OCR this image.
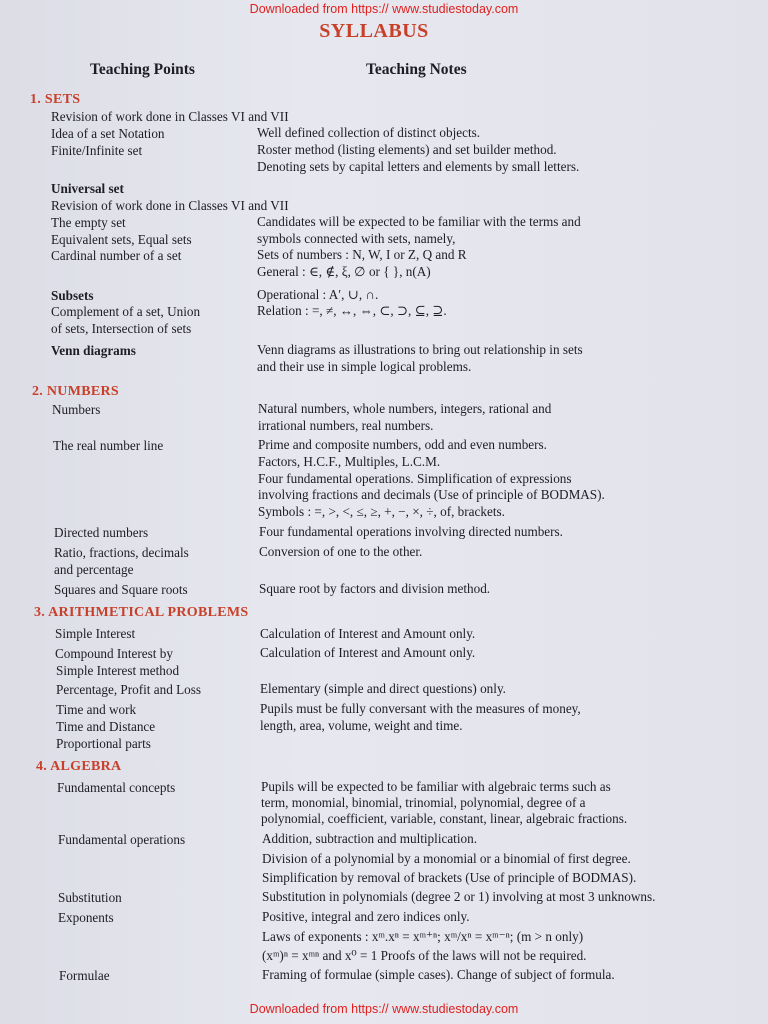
Downloaded from https:// www.studiestoday.com
SYLLABUS
Teaching Points	Teaching Notes
1. SETS
2. NUMBERS
3. ARITHMETICAL PROBLEMS
4. ALGEBRA
Revision of work done in Classes VI and VII
Idea of a set Notation
Finite/Infinite set
Universal set
Revision of work done in Classes VI and VII
The empty set
Equivalent sets, Equal sets
Cardinal number of a set
Subsets
Complement of a set, Union
of sets, Intersection of sets
Venn diagrams
Numbers
The real number line
Directed numbers
Ratio, fractions, decimals
and percentage
Squares and Square roots
Simple Interest
Compound Interest by
Simple Interest method
Percentage, Profit and Loss
Time and work
Time and Distance
Proportional parts
Fundamental concepts
Fundamental operations
Substitution
Exponents
Formulae
Well defined collection of distinct objects.
Roster method (listing elements) and set builder method.
Denoting sets by capital letters and elements by small letters.
Candidates will be expected to be familiar with the terms and
symbols connected with sets, namely,
Sets of numbers : N, W, I or Z, Q and R
General : ∈, ∉, ξ, ∅ or { }, n(A)
Operational : A′, ∪, ∩.
Relation : =, ≠, ↔, ⇔, ⊂, ⊃, ⊆, ⊇.
Venn diagrams as illustrations to bring out relationship in sets
and their use in simple logical problems.
Natural numbers, whole numbers, integers, rational and
irrational numbers, real numbers.
Prime and composite numbers, odd and even numbers.
Factors, H.C.F., Multiples, L.C.M.
Four fundamental operations. Simplification of expressions
involving fractions and decimals (Use of principle of BODMAS).
Symbols : =, >, <, ≤, ≥, +, −, ×, ÷, of, brackets.
Four fundamental operations involving directed numbers.
Conversion of one to the other.
Square root by factors and division method.
Calculation of Interest and Amount only.
Calculation of Interest and Amount only.
Elementary (simple and direct questions) only.
Pupils must be fully conversant with the measures of money,
length, area, volume, weight and time.
Pupils will be expected to be familiar with algebraic terms such as
term, monomial, binomial, trinomial, polynomial, degree of a
polynomial, coefficient, variable, constant, linear, algebraic fractions.
Addition, subtraction and multiplication.
Division of a polynomial by a monomial or a binomial of first degree.
Simplification by removal of brackets (Use of principle of BODMAS).
Substitution in polynomials (degree 2 or 1) involving at most 3 unknowns.
Positive, integral and zero indices only.
Laws of exponents : xᵐ.xⁿ = xᵐ⁺ⁿ; xᵐ/xⁿ = xᵐ⁻ⁿ; (m > n only)
(xᵐ)ⁿ = xᵐⁿ and x⁰ = 1 Proofs of the laws will not be required.
Framing of formulae (simple cases). Change of subject of formula.
Downloaded from https:// www.studiestoday.com
